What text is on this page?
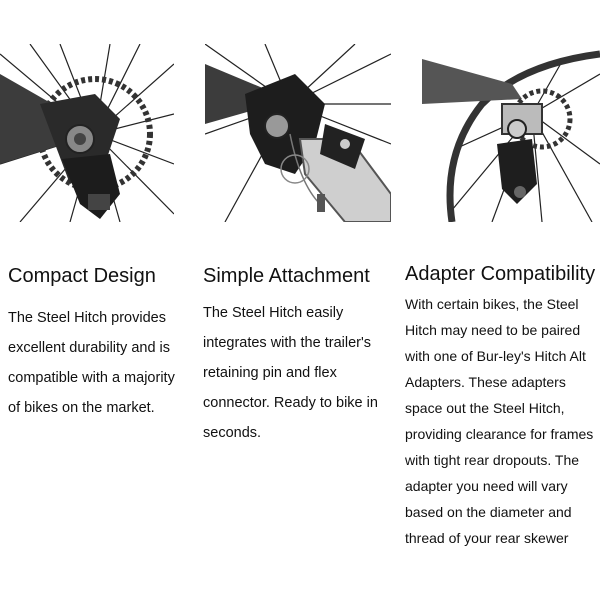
Compact Design
The Steel Hitch provides excellent durability and is compatible with a majority of bikes on the market.
Simple Attachment
The Steel Hitch easily integrates with the trailer's retaining pin and flex connector. Ready to bike in seconds.
Adapter Compatibility
With certain bikes, the Steel Hitch may need to be paired with one of Bur-ley's Hitch Alt Adapters. These adapters space out the Steel Hitch, providing clearance for frames with tight rear dropouts. The adapter you need will vary based on the diameter and thread of your rear skewer
